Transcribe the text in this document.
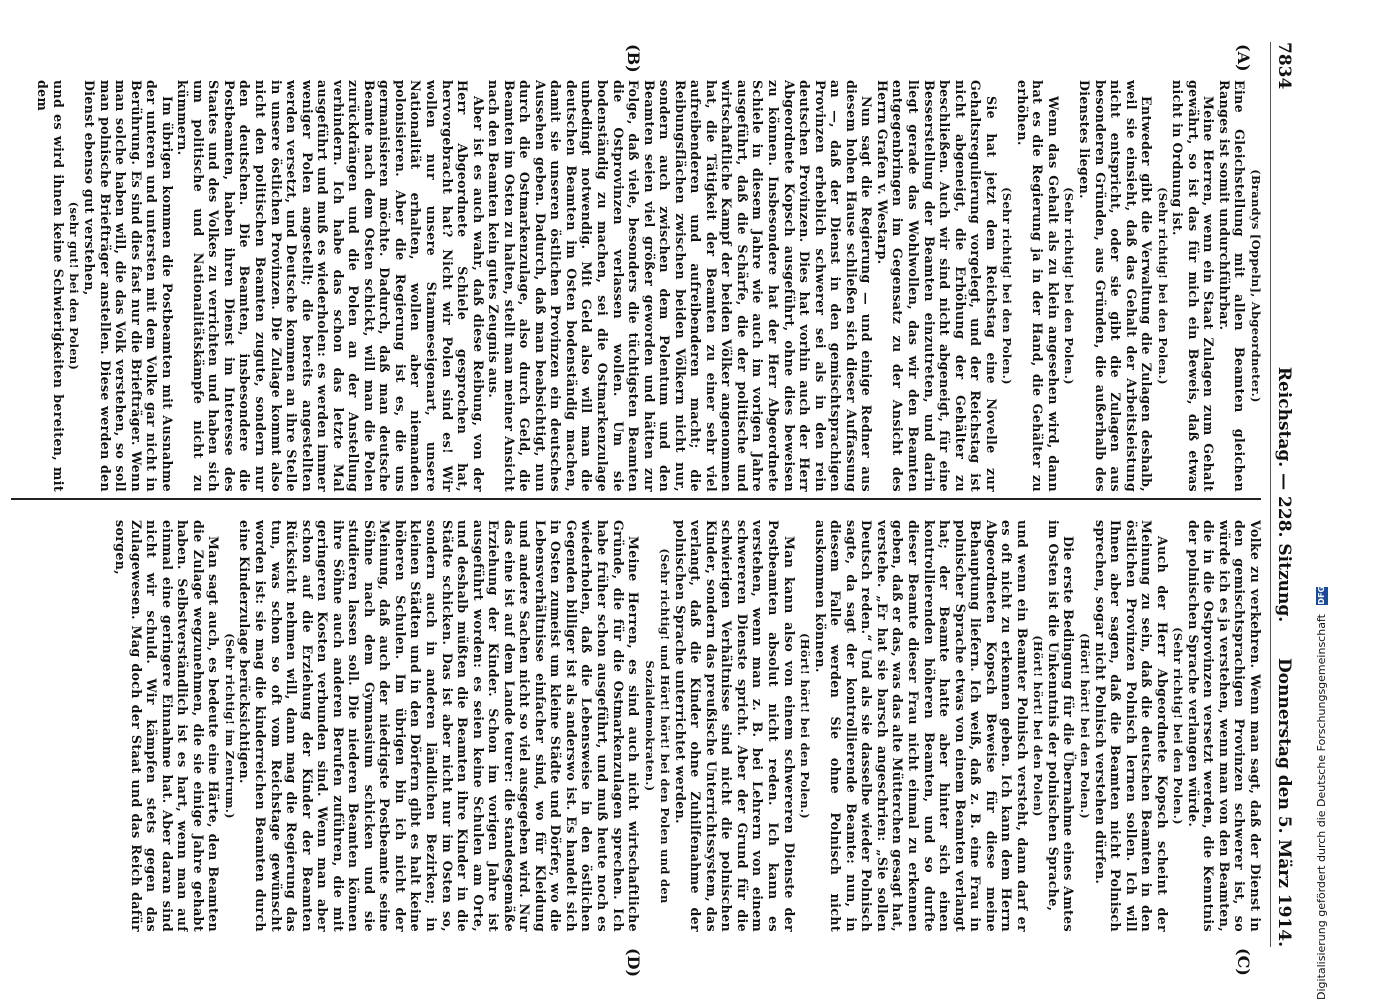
7834
Reichstag. — 228. Sitzung.
Donnerstag den 5. März 1914.
(A)
(B)
(C)
(D)

(Brandys [Oppeln], Abgeordneter.)

Eine Gleichstellung mit allen Beamten gleichen Ranges ist somit undurchführbar.

Meine Herren, wenn ein Staat Zulagen zum Gehalt gewährt, so ist das für mich ein Beweis, daß etwas nicht in Ordnung ist.

(Sehr richtig! bei den Polen.)

Entweder gibt die Verwaltung die Zulagen deshalb, weil sie einsieht, daß das Gehalt der Arbeitsleistung nicht entspricht, oder sie gibt die Zulagen aus besonderen Gründen, aus Gründen, die außerhalb des Dienstes liegen.

(Sehr richtig! bei den Polen.)

Wenn das Gehalt als zu klein angesehen wird, dann hat es die Regierung ja in der Hand, die Gehälter zu erhöhen.

(Sehr richtig! bei den Polen.)

Sie hat jetzt dem Reichstag eine Novelle zur Gehaltsregulierung vorgelegt, und der Reichstag ist nicht abgeneigt, die Erhöhung der Gehälter zu beschließen. Auch wir sind nicht abgeneigt, für eine Besserstellung der Beamten einzutreten, und darin liegt gerade das Wohlwollen, das wir den Beamten entgegenbringen im Gegensatz zu der Ansicht des Herrn Grafen v. Westarp.

Nun sagt die Regierung — und einige Redner aus diesem hohen Hause schließen sich dieser Auffassung an —, daß der Dienst in den gemischtsprachigen Provinzen erheblich schwerer sei als in den rein deutschen Provinzen. Dies hat vorhin auch der Herr Abgeordnete Kopsch ausgeführt, ohne dies beweisen zu können. Insbesondere hat der Herr Abgeordnete Schiele in diesem Jahre wie auch im vorigen Jahre ausgeführt, daß die Schärfe, die der politische und wirtschaftliche Kampf der beiden Völker angenommen hat, die Tätigkeit der Beamten zu einer sehr viel aufreibenderen und aufreibenderen macht; die Reibungsflächen zwischen beiden Völkern nicht nur, sondern auch zwischen dem Polentum und den Beamten seien viel größer geworden und hätten zur Folge, daß viele, besonders die tüchtigsten Beamten die Ostprovinzen verlassen wollen. Um sie bodenständig zu machen, sei die Ostmarkenzulage unbedingt notwendig. Mit Geld also will man die deutschen Beamten im Osten bodenständig machen, damit sie unseren östlichen Provinzen ein deutsches Aussehen geben. Dadurch, daß man beabsichtigt, nun durch die Ostmarkenzulage, also durch Geld, die Beamten im Osten zu halten, stellt man meiner Ansicht nach den Beamten kein gutes Zeugnis aus.

Aber ist es auch wahr, daß diese Reibung, von der Herr Abgeordnete Schiele gesprochen hat, hervorgebracht hat? Nicht wir Polen sind es! Wir wollen nur unsere Stammeseigenart, unsere Nationalität erhalten, wollen aber niemanden polonisieren. Aber die Regierung ist es, die uns germanisieren möchte. Dadurch, daß man deutsche Beamte nach dem Osten schickt, will man die Polen zurückdrängen und die Polen an der Anstellung verhindern. Ich habe das schon das letzte Mal ausgeführt und muß es wiederholen: es werden immer weniger Polen angestellt; die bereits angestellten werden versetzt, und Deutsche kommen an ihre Stelle in unsere östlichen Provinzen. Die Zulage kommt also nicht den politischen Beamten zugute, sondern nur den deutschen. Die Beamten, insbesondere die Postbeamten, haben ihren Dienst im Interesse des Staates und des Volkes zu verrichten und haben sich um politische und Nationalitätskämpfe nicht zu kümmern.

Im übrigen kommen die Postbeamten mit Ausnahme der unteren und untersten mit dem Volke gar nicht in Berührung. Es sind dies fast nur die Briefträger. Wenn man solche haben will, die das Volk verstehen, so soll man polnische Briefträger anstellen. Diese werden den Dienst ebenso gut verstehen,

(sehr gut! bei den Polen)

und es wird ihnen keine Schwierigkeiten bereiten, mit dem

Volke zu verkehren. Wenn man sagt, daß der Dienst in den gemischtsprachigen Provinzen schwerer ist, so würde ich es ja verstehen, wenn man von den Beamten, die in die Ostprovinzen versetzt werden, die Kenntnis der polnischen Sprache verlangen würde.

(Sehr richtig! bei den Polen.)

Auch der Herr Abgeordnete Kopsch scheint der Meinung zu sein, daß die deutschen Beamten in den östlichen Provinzen Polnisch lernen sollen. Ich will Ihnen aber sagen, daß die Beamten nicht Polnisch sprechen, sogar nicht Polnisch verstehen dürfen.

(Hört! hört! bei den Polen.)

Die erste Bedingung für die Übernahme eines Amtes im Osten ist die Unkenntnis der polnischen Sprache,

(Hört! hört! bei den Polen)

und wenn ein Beamter Polnisch versteht, dann darf er es oft nicht zu erkennen geben. Ich kann dem Herrn Abgeordneten Kopsch Beweise für diese meine Behauptung liefern. Ich weiß, daß z. B. eine Frau in polnischer Sprache etwas von einem Beamten verlangt hat; der Beamte hatte aber hinter sich einen kontrollierenden höheren Beamten, und so durfte dieser Beamte dieser Frau nicht einmal zu erkennen geben, daß er das, was das alte Mütterchen gesagt hat, verstehe. „Er hat sie barsch angeschrien: „Sie sollen Deutsch reden.“ Und als sie dasselbe wieder Polnisch sagte, da sagt der kontrollierende Beamte: nun, in diesem Falle werden Sie ohne Polnisch nicht auskommen können.

(Hört! hört! bei den Polen.)

Man kann also von einem schwereren Dienste der Postbeamten absolut nicht reden. Ich kann es verstehen, wenn man z. B. bei Lehrern von einem schwereren Dienste spricht. Aber der Grund für die schwierigen Verhältnisse sind nicht die polnischen Kinder, sondern das preußische Unterrichtssystem, das verlangt, daß die Kinder ohne Zuhilfenahme der polnischen Sprache unterrichtet werden.

(Sehr richtig! und Hört! hört! bei den Polen und den Sozialdemokraten.)

Meine Herren, es sind auch nicht wirtschaftliche Gründe, die für die Ostmarkenzulagen sprechen. Ich habe früher schon ausgeführt, und muß heute noch es wiederholen, daß die Lebensweise in den östlichen Gegenden billiger ist als anderswo ist. Es handelt sich in Osten zumeist um kleine Städte und Dörfer, wo die Lebensverhältnisse einfacher sind, wo für Kleidung und andere Sachen nicht so viel ausgegeben wird. Nur das eine ist auf dem Lande teurer: die standesgemäße Erziehung der Kinder. Schon im vorigen Jahre ist ausgeführt worden: es seien keine Schulen am Orte, und deshalb müßten die Beamten ihre Kinder in die Städte schicken. Das ist aber nicht nur im Osten so, sondern auch in anderen ländlichen Bezirken; in kleinen Städten und in den Dörfern gibt es halt keine höheren Schulen. Im übrigen bin ich nicht der Meinung, daß auch der niedrigste Postbeamte seine Söhne nach dem Gymnasium schicken und sie studieren lassen soll. Die niederen Beamten können ihre Söhne auch anderen Berufen zuführen, die mit geringeren Kosten verbunden sind. Wenn man aber schon auf die Erziehung der Kinder der Beamten Rücksicht nehmen will, dann mag die Regierung das tun, was schon so oft vom Reichstage gewünscht worden ist: sie mag die kinderreichen Beamten durch eine Kinderzulage berücksichtigen.

(Sehr richtig! im Zentrum.)

Man sagt auch, es bedeute eine Härte, den Beamten die Zulage wegzunehmen, die sie einige Jahre gehabt haben. Selbstverständlich ist es hart, wenn man auf einmal eine geringere Einnahme hat. Aber daran sind nicht wir schuld. Wir kämpfen stets gegen das Zulagewesen. Mag doch der Staat und das Reich dafür sorgen,

Digitalisierung gefördert durch die Deutsche Forschungsgemeinschaft DFG
